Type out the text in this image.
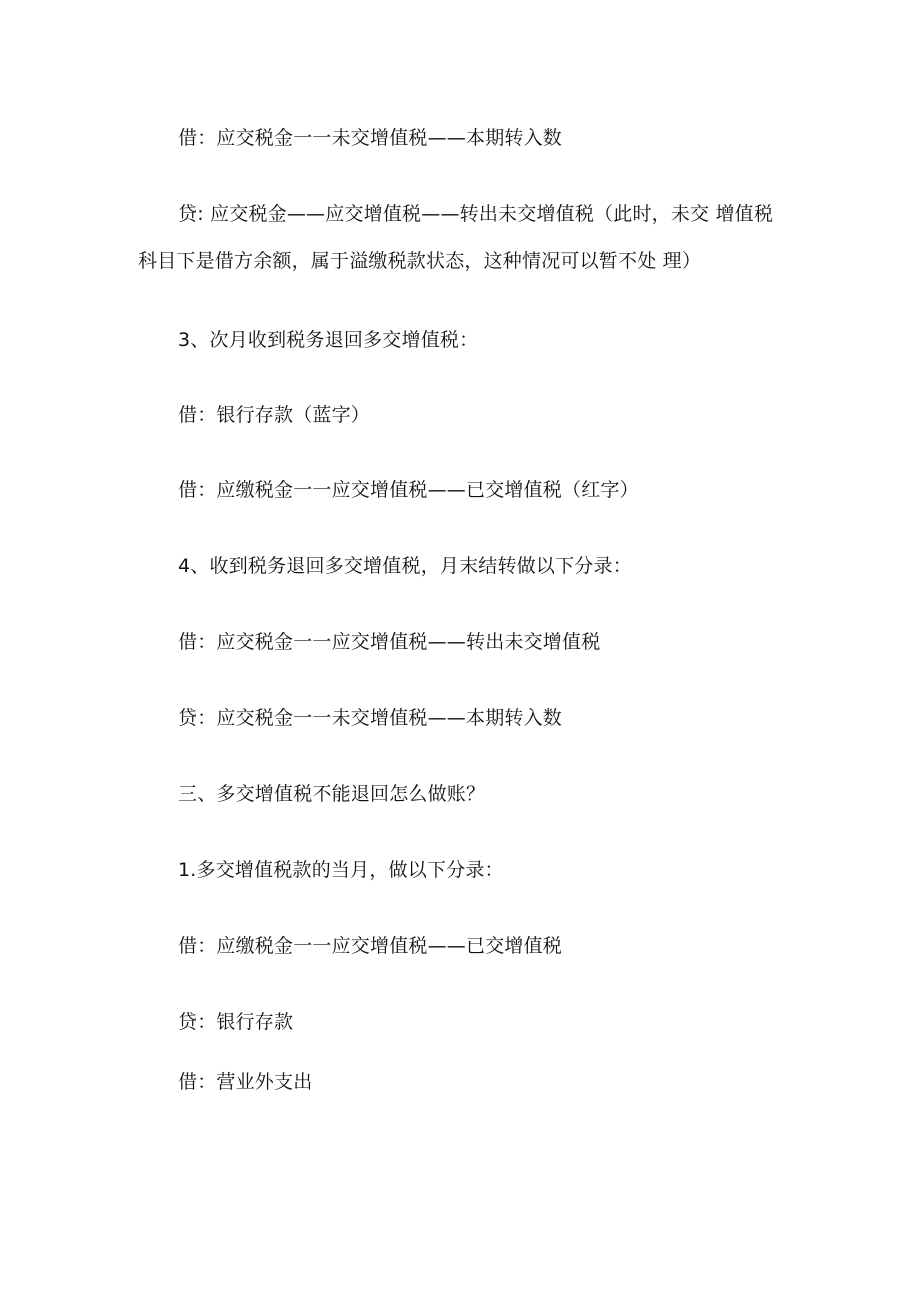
借：应交税金一一未交增值税——本期转入数
贷: 应交税金——应交增值税——转出未交增值税（此时，未交 增值税科目下是借方余额，属于溢缴税款状态，这种情况可以暂不处 理）
3、次月收到税务退回多交增值税：
借：银行存款（蓝字）
借：应缴税金一一应交增值税——已交增值税（红字）
4、收到税务退回多交增值税，月末结转做以下分录：
借：应交税金一一应交增值税——转出未交增值税
贷：应交税金一一未交增值税——本期转入数
三、多交增值税不能退回怎么做账？
1.多交增值税款的当月，做以下分录：
借：应缴税金一一应交增值税——已交增值税
贷：银行存款
借：营业外支出
